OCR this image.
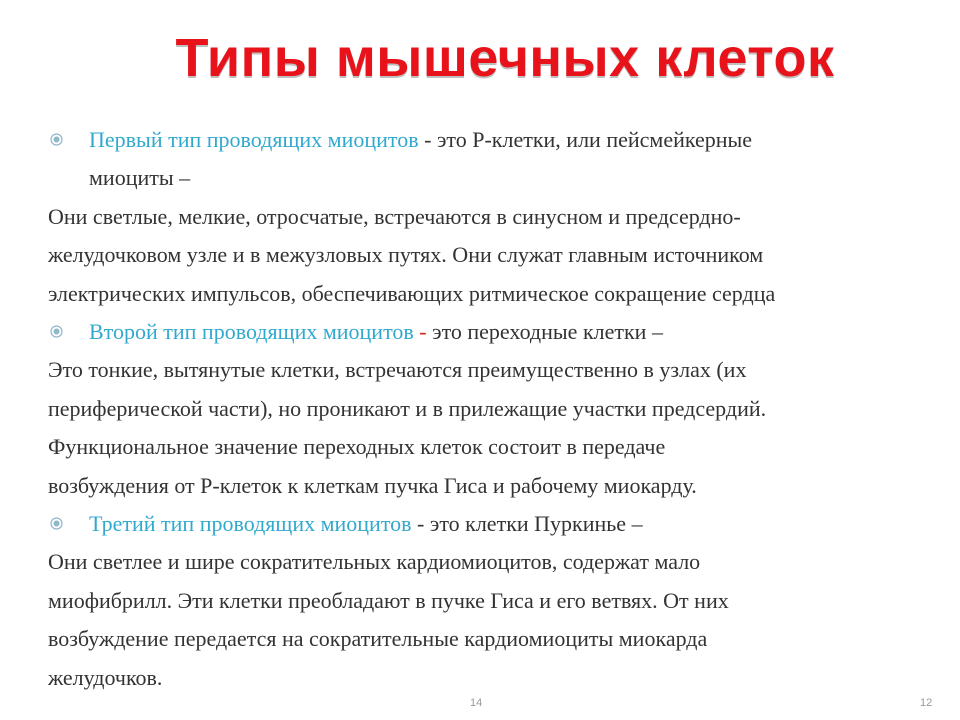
Типы мышечных клеток
Первый тип проводящих миоцитов - это Р-клетки, или пейсмейкерные
миоциты –
Они светлые, мелкие, отросчатые, встречаются в синусном и предсердно-
желудочковом узле и в межузловых путях. Они служат главным источником
электрических импульсов, обеспечивающих ритмическое сокращение сердца
Второй тип проводящих миоцитов - это переходные клетки –
Это тонкие, вытянутые клетки, встречаются преимущественно в узлах (их
периферической части), но проникают и в прилежащие участки предсердий.
Функциональное значение переходных клеток состоит в передаче
возбуждения от Р-клеток к клеткам пучка Гиса и рабочему миокарду.
Третий тип проводящих миоцитов - это клетки Пуркинье –
Они светлее и шире сократительных кардиомиоцитов, содержат мало
миофибрилл. Эти клетки преобладают в пучке Гиса и его ветвях. От них
возбуждение передается на сократительные кардиомиоциты миокарда
желудочков.
14	12
